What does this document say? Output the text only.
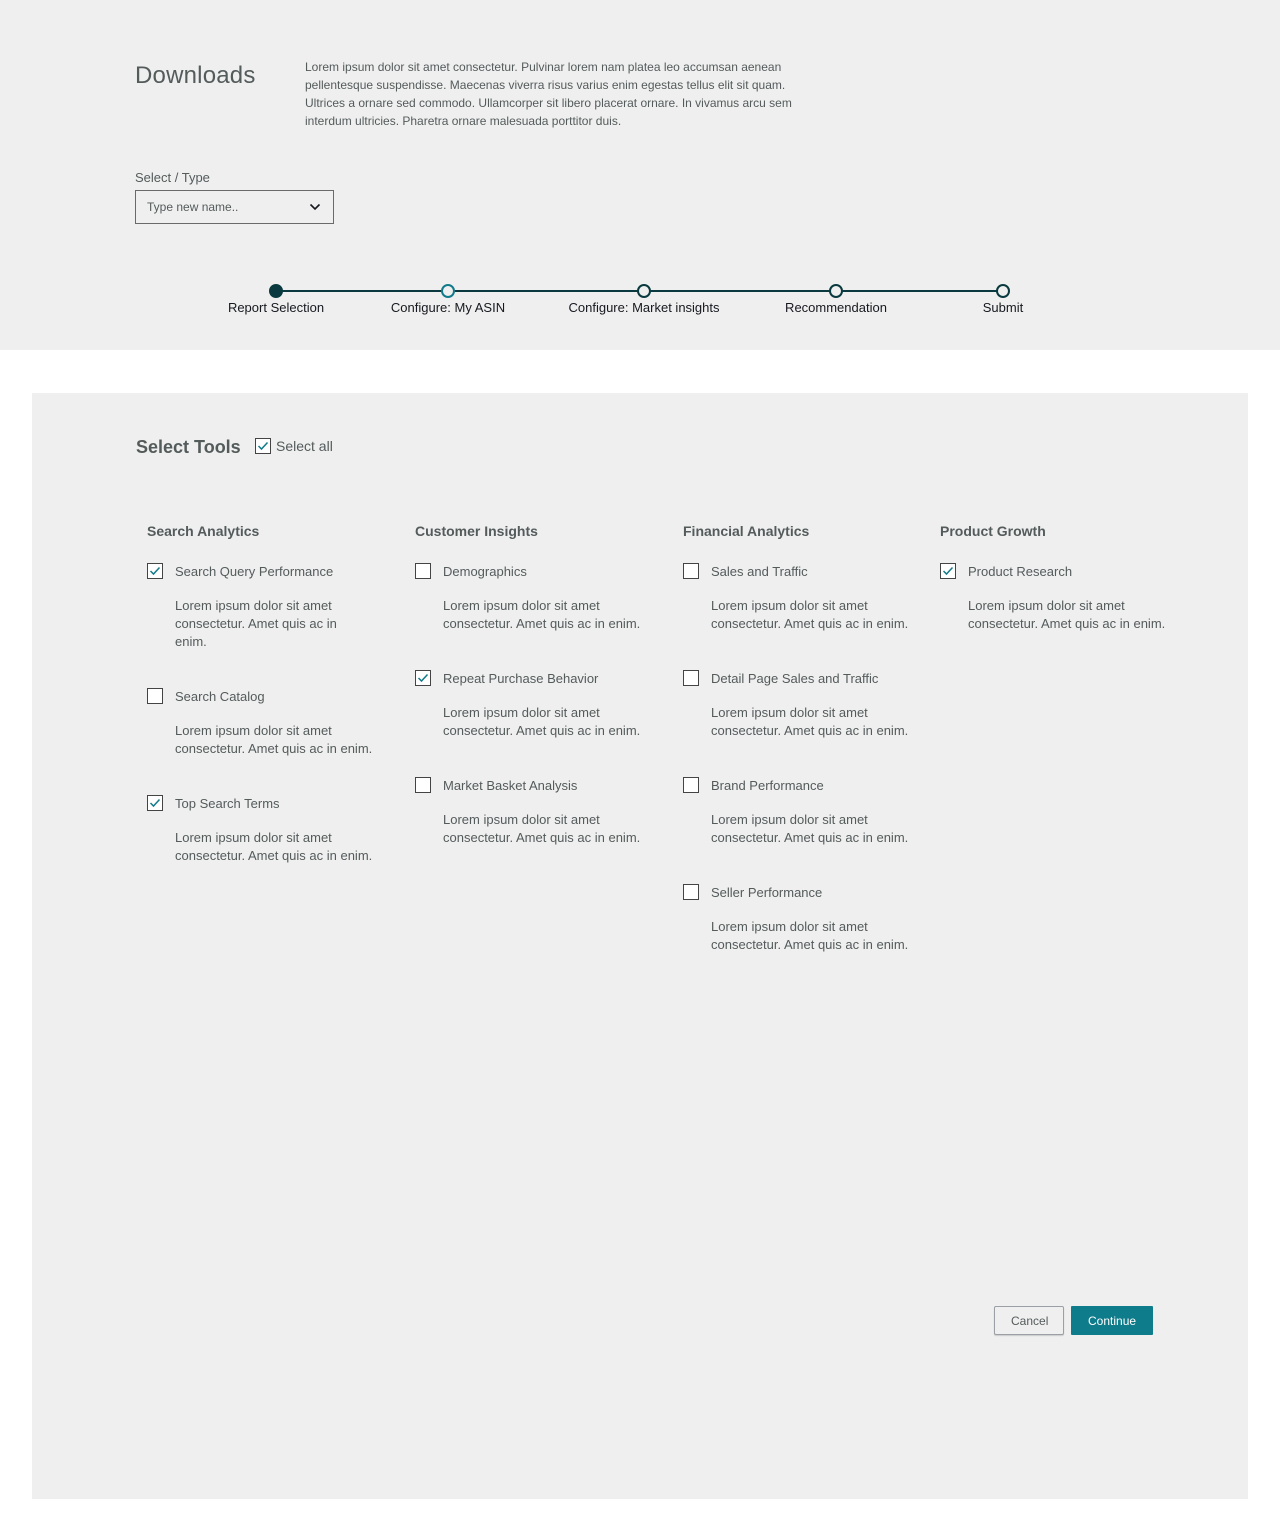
Downloads	Lorem ipsum dolor sit amet consectetur. Pulvinar lorem nam platea leo accumsan aenean pellentesque suspendisse. Maecenas viverra risus varius enim egestas tellus elit sit quam. Ultrices a ornare sed commodo. Ullamcorper sit libero placerat ornare. In vivamus arcu sem interdum ultricies. Pharetra ornare malesuada porttitor duis.
Select / Type
Type new name..
Report Selection	Configure: My ASIN	Configure: Market insights	Recommendation	Submit
Select Tools	Select all
Search Analytics
Search Query Performance
Lorem ipsum dolor sit amet consectetur. Amet quis ac in enim.
Search Catalog
Lorem ipsum dolor sit amet consectetur. Amet quis ac in enim.
Top Search Terms
Lorem ipsum dolor sit amet consectetur. Amet quis ac in enim.
Customer Insights
Demographics
Lorem ipsum dolor sit amet consectetur. Amet quis ac in enim.
Repeat Purchase Behavior
Lorem ipsum dolor sit amet consectetur. Amet quis ac in enim.
Market Basket Analysis
Lorem ipsum dolor sit amet consectetur. Amet quis ac in enim.
Financial Analytics
Sales and Traffic
Lorem ipsum dolor sit amet consectetur. Amet quis ac in enim.
Detail Page Sales and Traffic
Lorem ipsum dolor sit amet consectetur. Amet quis ac in enim.
Brand Performance
Lorem ipsum dolor sit amet consectetur. Amet quis ac in enim.
Seller Performance
Lorem ipsum dolor sit amet consectetur. Amet quis ac in enim.
Product Growth
Product Research
Lorem ipsum dolor sit amet consectetur. Amet quis ac in enim.
Cancel	Continue
